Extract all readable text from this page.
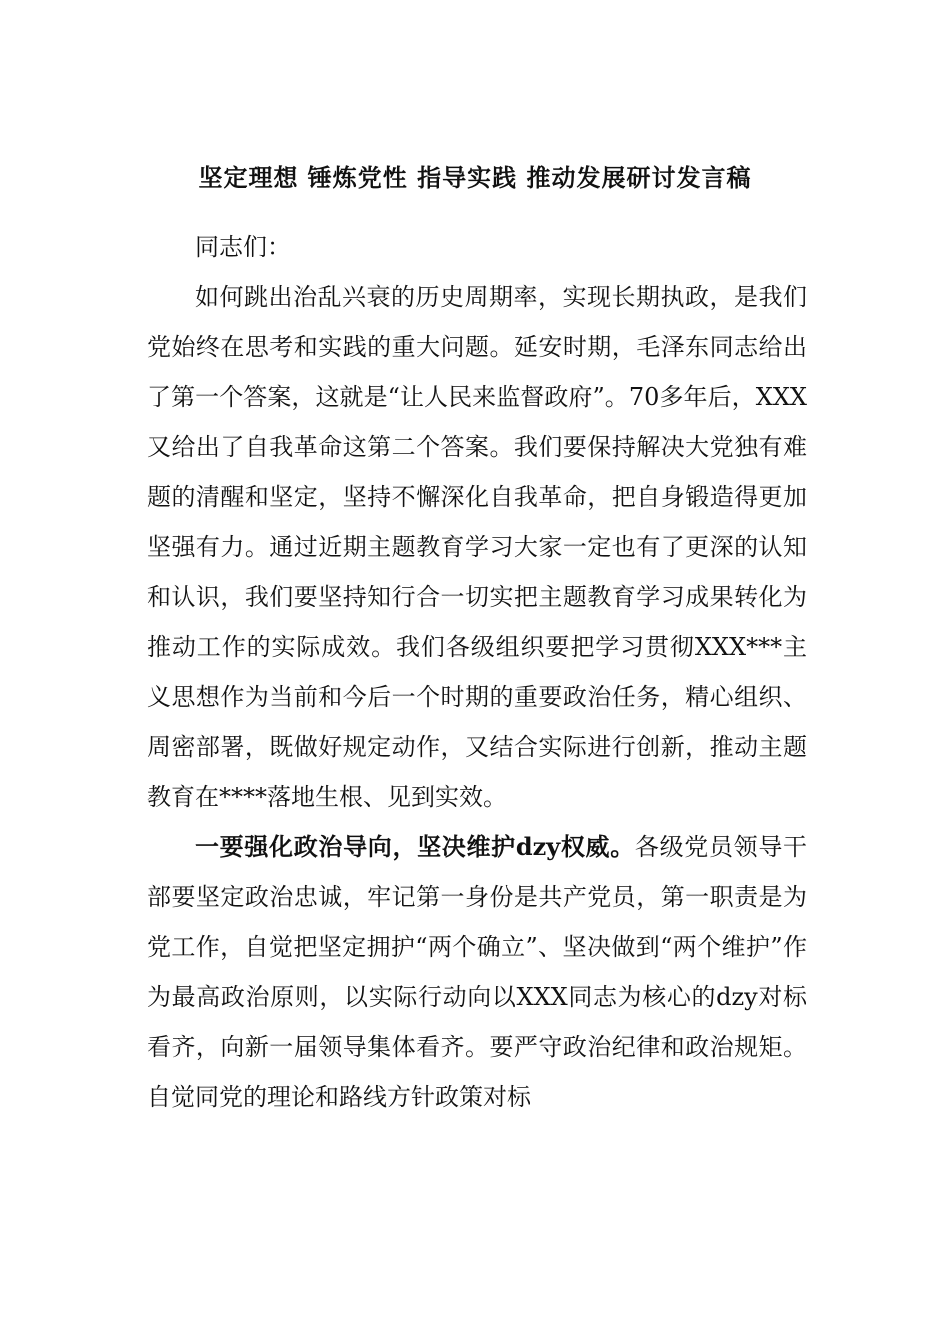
坚定理想 锤炼党性 指导实践 推动发展研讨发言稿

同志们：

如何跳出治乱兴衰的历史周期率，实现长期执政，是我们党始终在思考和实践的重大问题。延安时期，毛泽东同志给出了第一个答案，这就是“让人民来监督政府”。70多年后，XXX又给出了自我革命这第二个答案。我们要保持解决大党独有难题的清醒和坚定，坚持不懈深化自我革命，把自身锻造得更加坚强有力。通过近期主题教育学习大家一定也有了更深的认知和认识，我们要坚持知行合一切实把主题教育学习成果转化为推动工作的实际成效。我们各级组织要把学习贯彻XXX***主义思想作为当前和今后一个时期的重要政治任务，精心组织、周密部署，既做好规定动作，又结合实际进行创新，推动主题教育在****落地生根、见到实效。

一要强化政治导向，坚决维护dzy权威。各级党员领导干部要坚定政治忠诚，牢记第一身份是共产党员，第一职责是为党工作，自觉把坚定拥护“两个确立”、坚决做到“两个维护”作为最高政治原则，以实际行动向以XXX同志为核心的dzy对标看齐，向新一届领导集体看齐。要严守政治纪律和政治规矩。自觉同党的理论和路线方针政策对标
